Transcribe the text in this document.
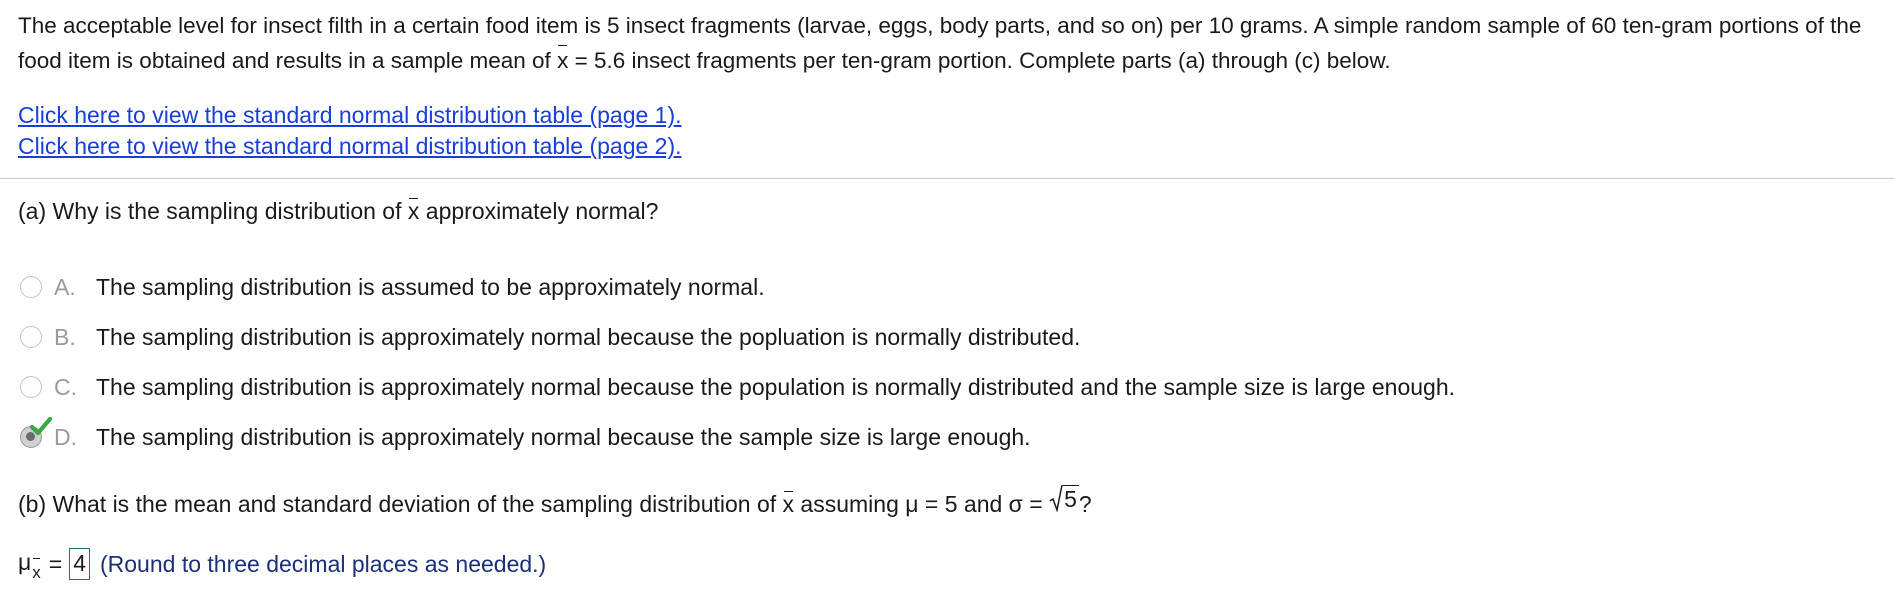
The acceptable level for insect filth in a certain food item is 5 insect fragments (larvae, eggs, body parts, and so on) per 10 grams. A simple random sample of 60 ten-gram portions of the food item is obtained and results in a sample mean of x = 5.6 insect fragments per ten-gram portion. Complete parts (a) through (c) below.

Click here to view the standard normal distribution table (page 1).
Click here to view the standard normal distribution table (page 2).
(a) Why is the sampling distribution of x approximately normal?
A. The sampling distribution is assumed to be approximately normal.
B. The sampling distribution is approximately normal because the popluation is normally distributed.
C. The sampling distribution is approximately normal because the population is normally distributed and the sample size is large enough.
D. The sampling distribution is approximately normal because the sample size is large enough.
(b) What is the mean and standard deviation of the sampling distribution of x assuming μ = 5 and σ = 5 ?
$\mu_x = 4$ (Round to three decimal places as needed.)
